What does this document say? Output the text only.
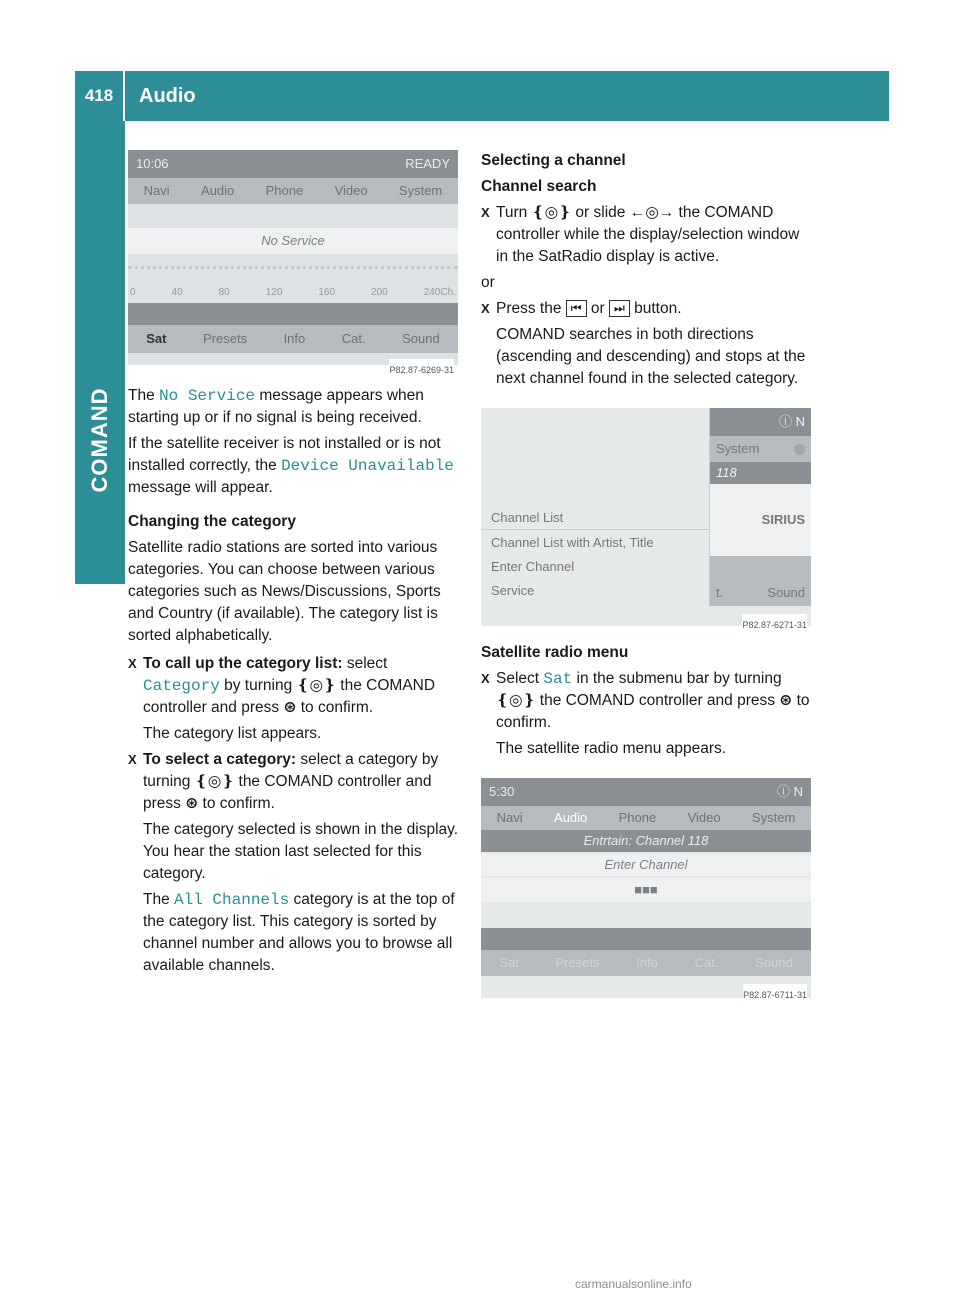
418	Audio
COMAND
10:06	READY
Navi Audio Phone Video System
No Service
0	40	80	120	160	200	240Ch.
Sat	Presets	Info	Cat.	Sound
P82.87-6269-31

The No Service message appears when starting up or if no signal is being received.

If the satellite receiver is not installed or is not installed correctly, the Device Unavailable message will appear.

Changing the category

Satellite radio stations are sorted into various categories. You can choose between various categories such as News/Discussions, Sports and Country (if available). The category list is sorted alphabetically.

X To call up the category list: select Category by turning ❴◎❵ the COMAND controller and press ⊛ to confirm.

The category list appears.

X To select a category: select a category by turning ❴◎❵ the COMAND controller and press ⊛ to confirm.

The category selected is shown in the display. You hear the station last selected for this category.

The All Channels category is at the top of the category list. This category is sorted by channel number and allows you to browse all available channels.

Selecting a channel

Channel search

X Turn ❴◎❵ or slide ←◎→ the COMAND controller while the display/selection window in the SatRadio display is active.

or

X Press the ⏮ or ⏭ button.

COMAND searches in both directions (ascending and descending) and stops at the next channel found in the selected category.

ⓘ N
System
118
SIRIUS
t.	Sound
Channel List
Channel List with Artist, Title
Enter Channel
Service
P82.87-6271-31

Satellite radio menu

X Select Sat in the submenu bar by turning ❴◎❵ the COMAND controller and press ⊛ to confirm.

The satellite radio menu appears.

5:30	ⓘ N
Navi Audio Phone Video System
Entrtain: Channel 118
Enter Channel
■■■
Sat	Presets	Info	Cat.	Sound
P82.87-6711-31
carmanualsonline.info
